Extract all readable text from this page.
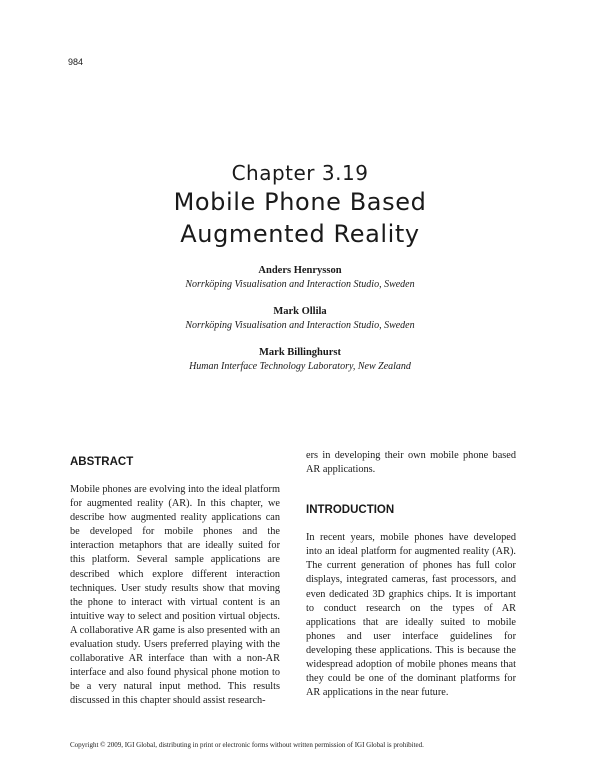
984
Chapter 3.19
Mobile Phone Based
Augmented Reality
Anders Henrysson
Norrköping Visualisation and Interaction Studio, Sweden
Mark Ollila
Norrköping Visualisation and Interaction Studio, Sweden
Mark Billinghurst
Human Interface Technology Laboratory, New Zealand
ABSTRACT

Mobile phones are evolving into the ideal platform for augmented reality (AR). In this chapter, we describe how augmented reality applications can be developed for mobile phones and the interaction metaphors that are ideally suited for this platform. Several sample applications are described which explore different interaction techniques. User study results show that moving the phone to interact with virtual content is an intuitive way to select and position virtual objects. A collaborative AR game is also presented with an evaluation study. Users preferred playing with the collaborative AR interface than with a non-AR interface and also found physical phone motion to be a very natural input method. This results discussed in this chapter should assist research-

ers in developing their own mobile phone based AR applications.

INTRODUCTION

In recent years, mobile phones have developed into an ideal platform for augmented reality (AR). The current generation of phones has full color displays, integrated cameras, fast processors, and even dedicated 3D graphics chips. It is important to conduct research on the types of AR applications that are ideally suited to mobile phones and user interface guidelines for developing these applications. This is because the widespread adoption of mobile phones means that they could be one of the dominant platforms for AR applications in the near future.

Copyright © 2009, IGI Global, distributing in print or electronic forms without written permission of IGI Global is prohibited.
